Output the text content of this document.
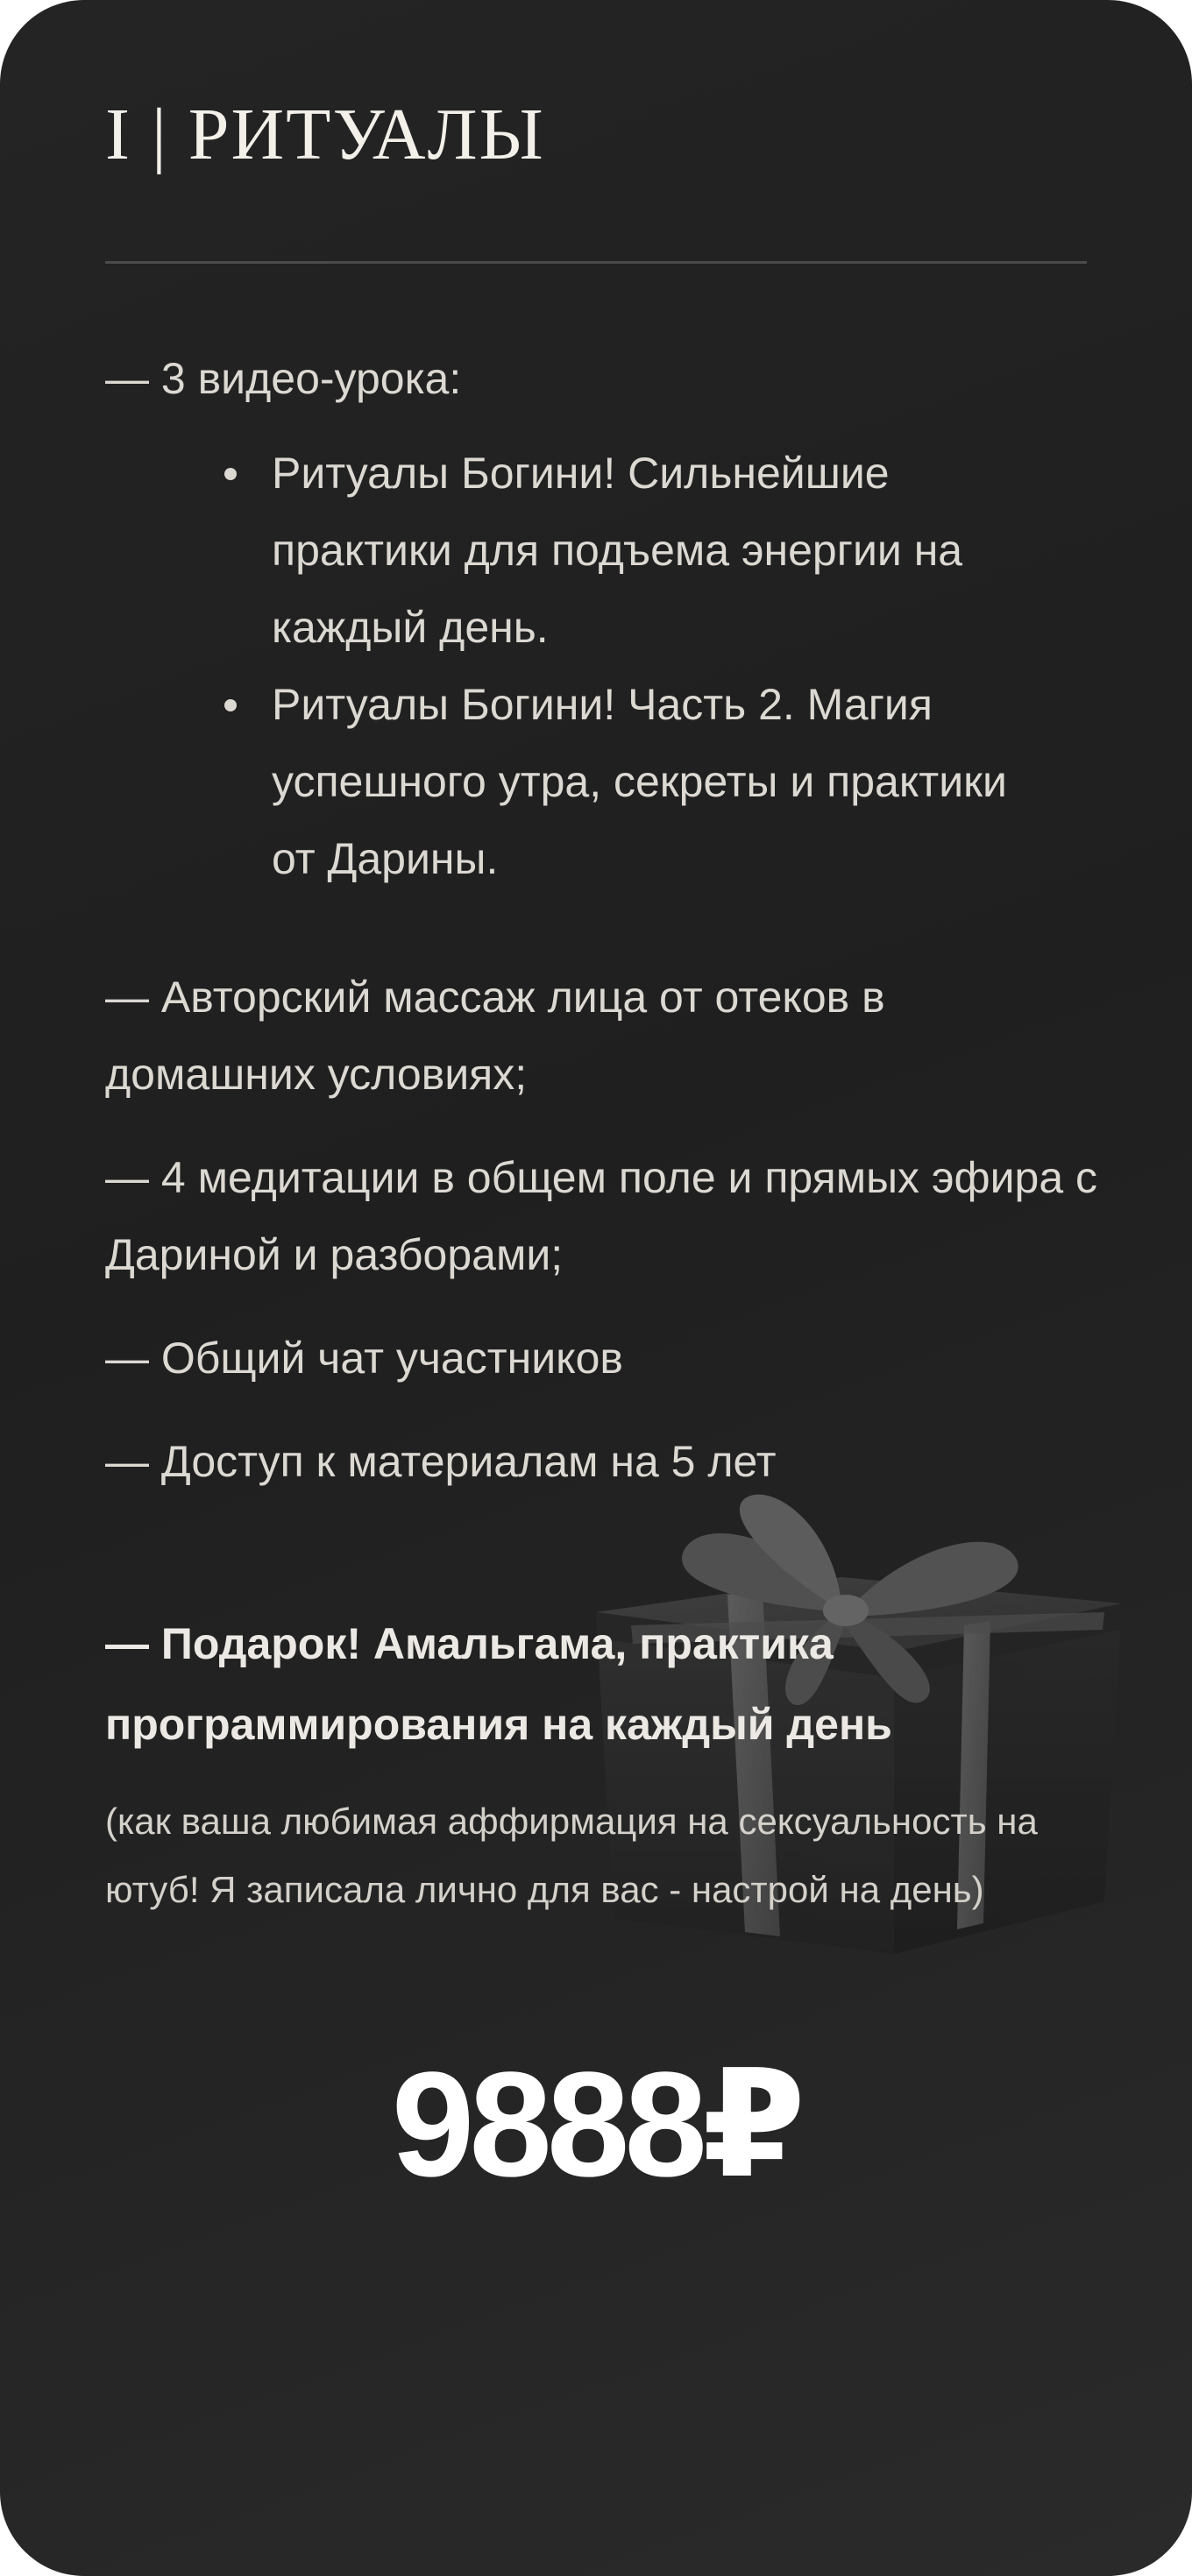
I | РИТУАЛЫ

— 3 видео-урока:

Ритуалы Богини! Сильнейшие практики для подъема энергии на каждый день.
Ритуалы Богини! Часть 2. Магия успешного утра, секреты и практики от Дарины.

— Авторский массаж лица от отеков в домашних условиях;

— 4 медитации в общем поле и прямых эфира с Дариной и разборами;

— Общий чат участников

— Доступ к материалам на 5 лет

— Подарок! Амальгама, практика программирования на каждый день

(как ваша любимая аффирмация на сексуальность на ютуб! Я записала лично для вас - настрой на день)

9888₽
